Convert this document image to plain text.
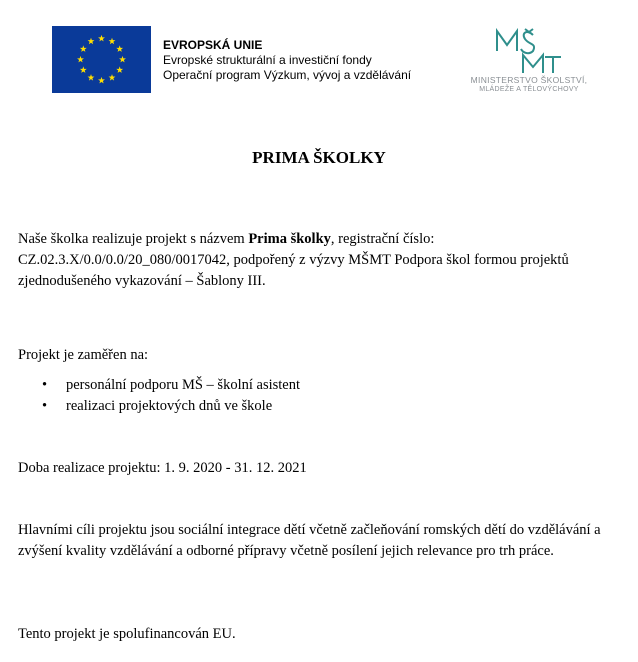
EVROPSKÁ UNIE
Evropské strukturální a investiční fondy
Operační program Výzkum, vývoj a vzdělávání	MINISTERSTVO ŠKOLSTVÍ,
MLÁDEŽE A TĚLOVÝCHOVY
PRIMA ŠKOLKY
Naše školka realizuje projekt s názvem Prima školky, registrační číslo: CZ.02.3.X/0.0/0.0/20_080/0017042, podpořený z výzvy MŠMT Podpora škol formou projektů zjednodušeného vykazování – Šablony III.
Projekt je zaměřen na:
• personální podporu MŠ – školní asistent
• realizaci projektových dnů ve škole
Doba realizace projektu: 1. 9. 2020 - 31. 12. 2021
Hlavními cíli projektu jsou sociální integrace dětí včetně začleňování romských dětí do vzdělávání a zvýšení kvality vzdělávání a odborné přípravy včetně posílení jejich relevance pro trh práce.
Tento projekt je spolufinancován EU.
